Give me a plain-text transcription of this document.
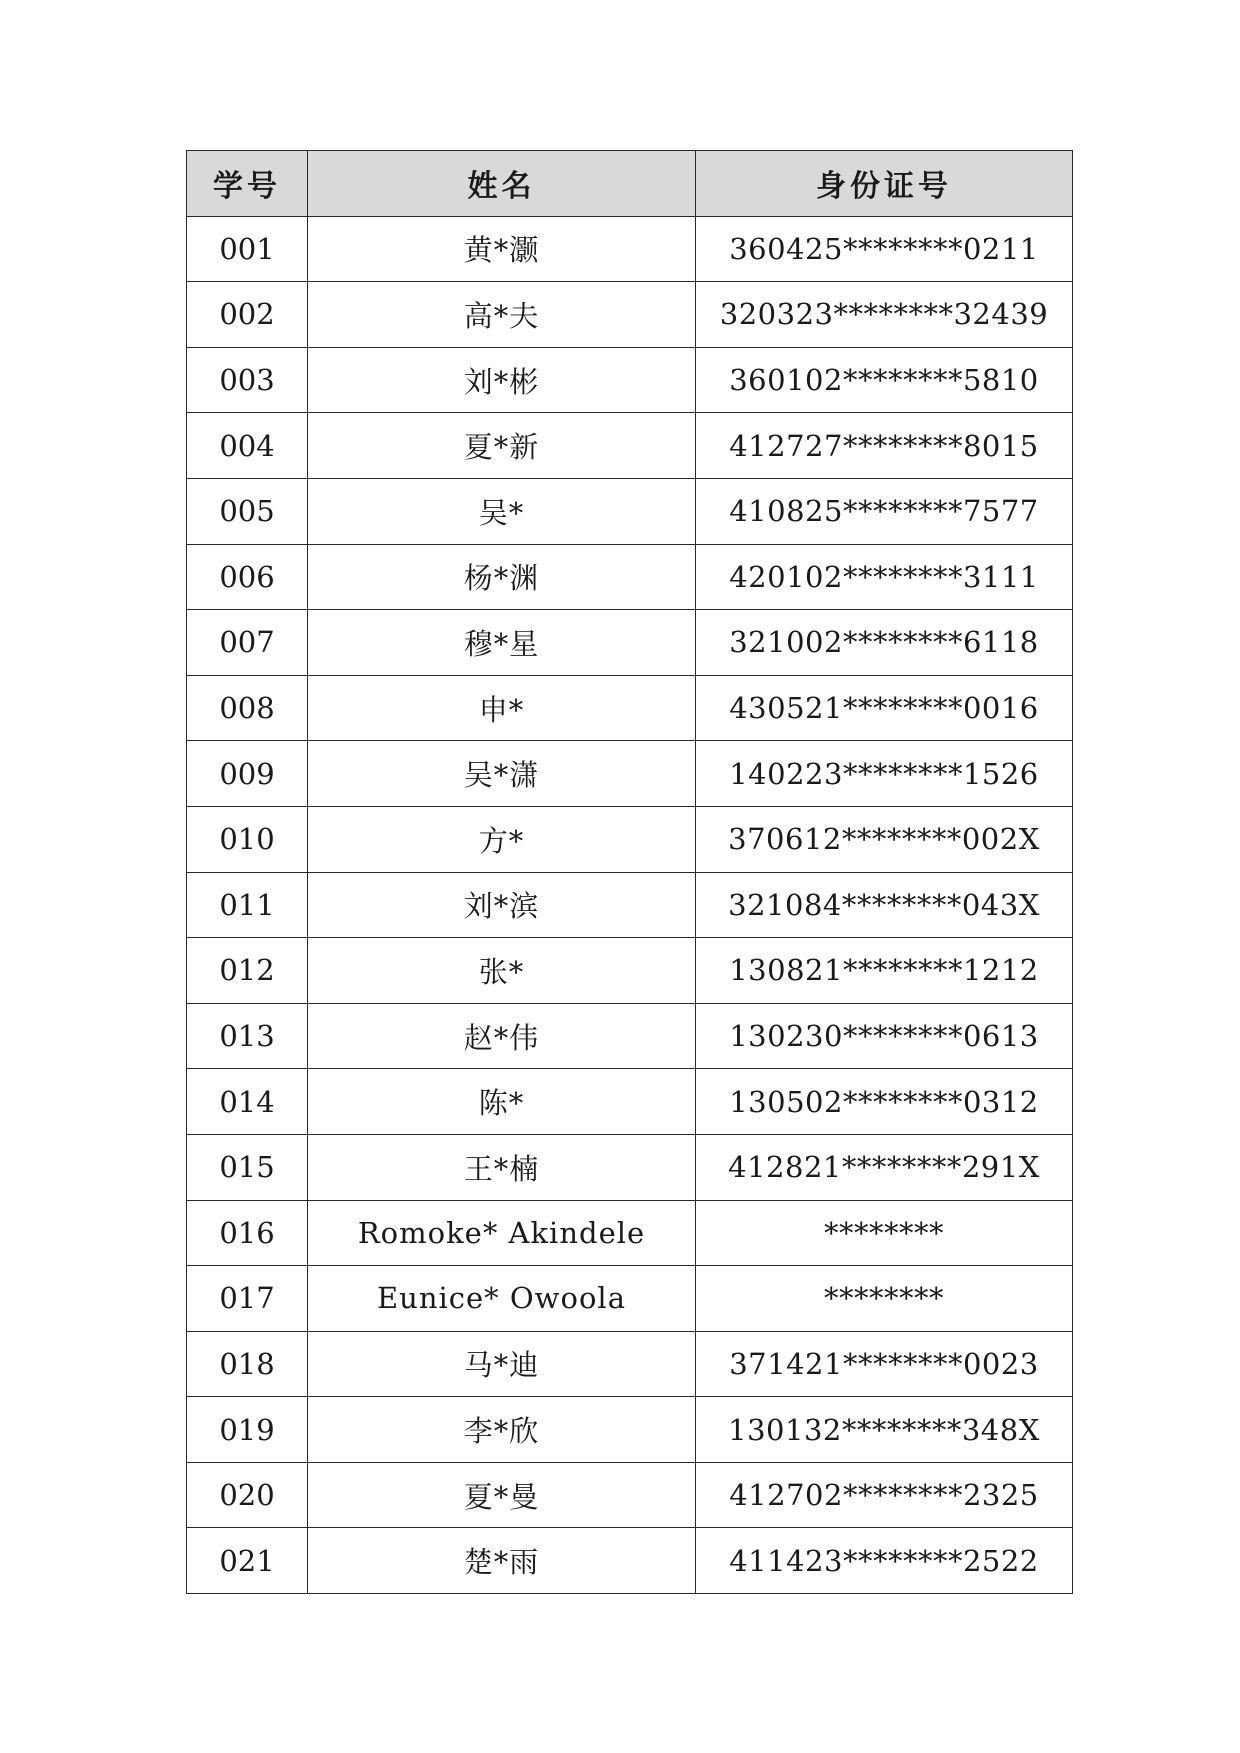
学号	姓名	身份证号
001	黄*灏	360425********0211
002	高*夫	320323********32439
003	刘*彬	360102********5810
004	夏*新	412727********8015
005	吴*	410825********7577
006	杨*渊	420102********3111
007	穆*星	321002********6118
008	申*	430521********0016
009	吴*潇	140223********1526
010	方*	370612********002X
011	刘*滨	321084********043X
012	张*	130821********1212
013	赵*伟	130230********0613
014	陈*	130502********0312
015	王*楠	412821********291X
016	Romoke* Akindele	********
017	Eunice* Owoola	********
018	马*迪	371421********0023
019	李*欣	130132********348X
020	夏*曼	412702********2325
021	楚*雨	411423********2522
